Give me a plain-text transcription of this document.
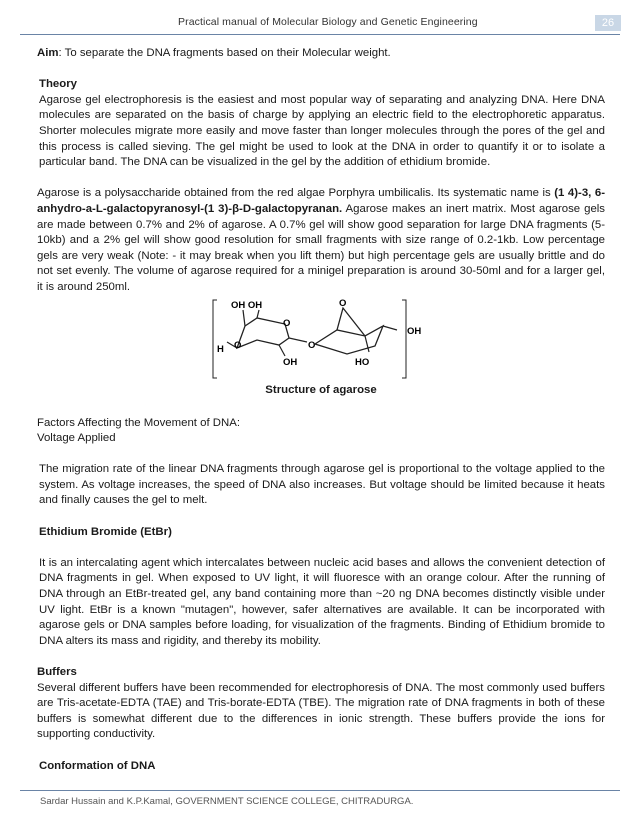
Practical manual of Molecular Biology and Genetic Engineering	26

Aim: To separate the DNA fragments based on their Molecular weight.

Theory

Agarose gel electrophoresis is the easiest and most popular way of separating and analyzing DNA. Here DNA molecules are separated on the basis of charge by applying an electric field to the electrophoretic apparatus. Shorter molecules migrate more easily and move faster than longer molecules through the pores of the gel and this process is called sieving. The gel might be used to look at the DNA in order to quantify it or to isolate a particular band. The DNA can be visualized in the gel by the addition of ethidium bromide.

Agarose is a polysaccharide obtained from the red algae Porphyra umbilicalis. Its systematic name is (1 4)-3, 6-anhydro-a-L-galactopyranosyl-(1 3)-β-D-galactopyranan. Agarose makes an inert matrix. Most agarose gels are made between 0.7% and 2% of agarose. A 0.7% gel will show good separation for large DNA fragments (5-10kb) and a 2% gel will show good resolution for small fragments with size range of 0.2-1kb. Low percentage gels are very weak (Note: - it may break when you lift them) but high percentage gels are usually brittle and do not set evenly. The volume of agarose required for a minigel preparation is around 30-50ml and for a larger gel, it is around 250ml.

OH OH
O
H O
OH
O
O
OH
HO
Structure of agarose

Factors Affecting the Movement of DNA:

Voltage Applied

The migration rate of the linear DNA fragments through agarose gel is proportional to the voltage applied to the system. As voltage increases, the speed of DNA also increases. But voltage should be limited because it heats and finally causes the gel to melt.

Ethidium Bromide (EtBr)

It is an intercalating agent which intercalates between nucleic acid bases and allows the convenient detection of DNA fragments in gel. When exposed to UV light, it will fluoresce with an orange colour. After the running of DNA through an EtBr-treated gel, any band containing more than ~20 ng DNA becomes distinctly visible under UV light. EtBr is a known "mutagen", however, safer alternatives are available. It can be incorporated with agarose gels or DNA samples before loading, for visualization of the fragments. Binding of Ethidium bromide to DNA alters its mass and rigidity, and thereby its mobility.

Buffers

Several different buffers have been recommended for electrophoresis of DNA. The most commonly used buffers are Tris-acetate-EDTA (TAE) and Tris-borate-EDTA (TBE). The migration rate of DNA fragments in both of these buffers is somewhat different due to the differences in ionic strength. These buffers provide the ions for supporting conductivity.

Conformation of DNA

Sardar Hussain and K.P.Kamal, GOVERNMENT SCIENCE COLLEGE, CHITRADURGA.
